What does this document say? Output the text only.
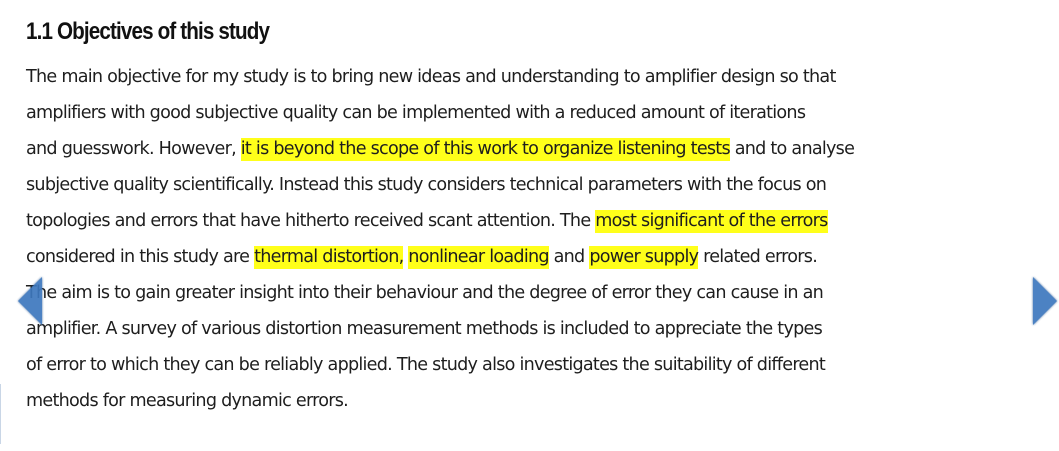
1.1 Objectives of this study
The main objective for my study is to bring new ideas and understanding to amplifier design so that
amplifiers with good subjective quality can be implemented with a reduced amount of iterations
and guesswork. However, it is beyond the scope of this work to organize listening tests and to analyse
subjective quality scientifically. Instead this study considers technical parameters with the focus on
topologies and errors that have hitherto received scant attention. The most significant of the errors
considered in this study are thermal distortion, nonlinear loading and power supply related errors.
The aim is to gain greater insight into their behaviour and the degree of error they can cause in an
amplifier. A survey of various distortion measurement methods is included to appreciate the types
of error to which they can be reliably applied. The study also investigates the suitability of different
methods for measuring dynamic errors.
